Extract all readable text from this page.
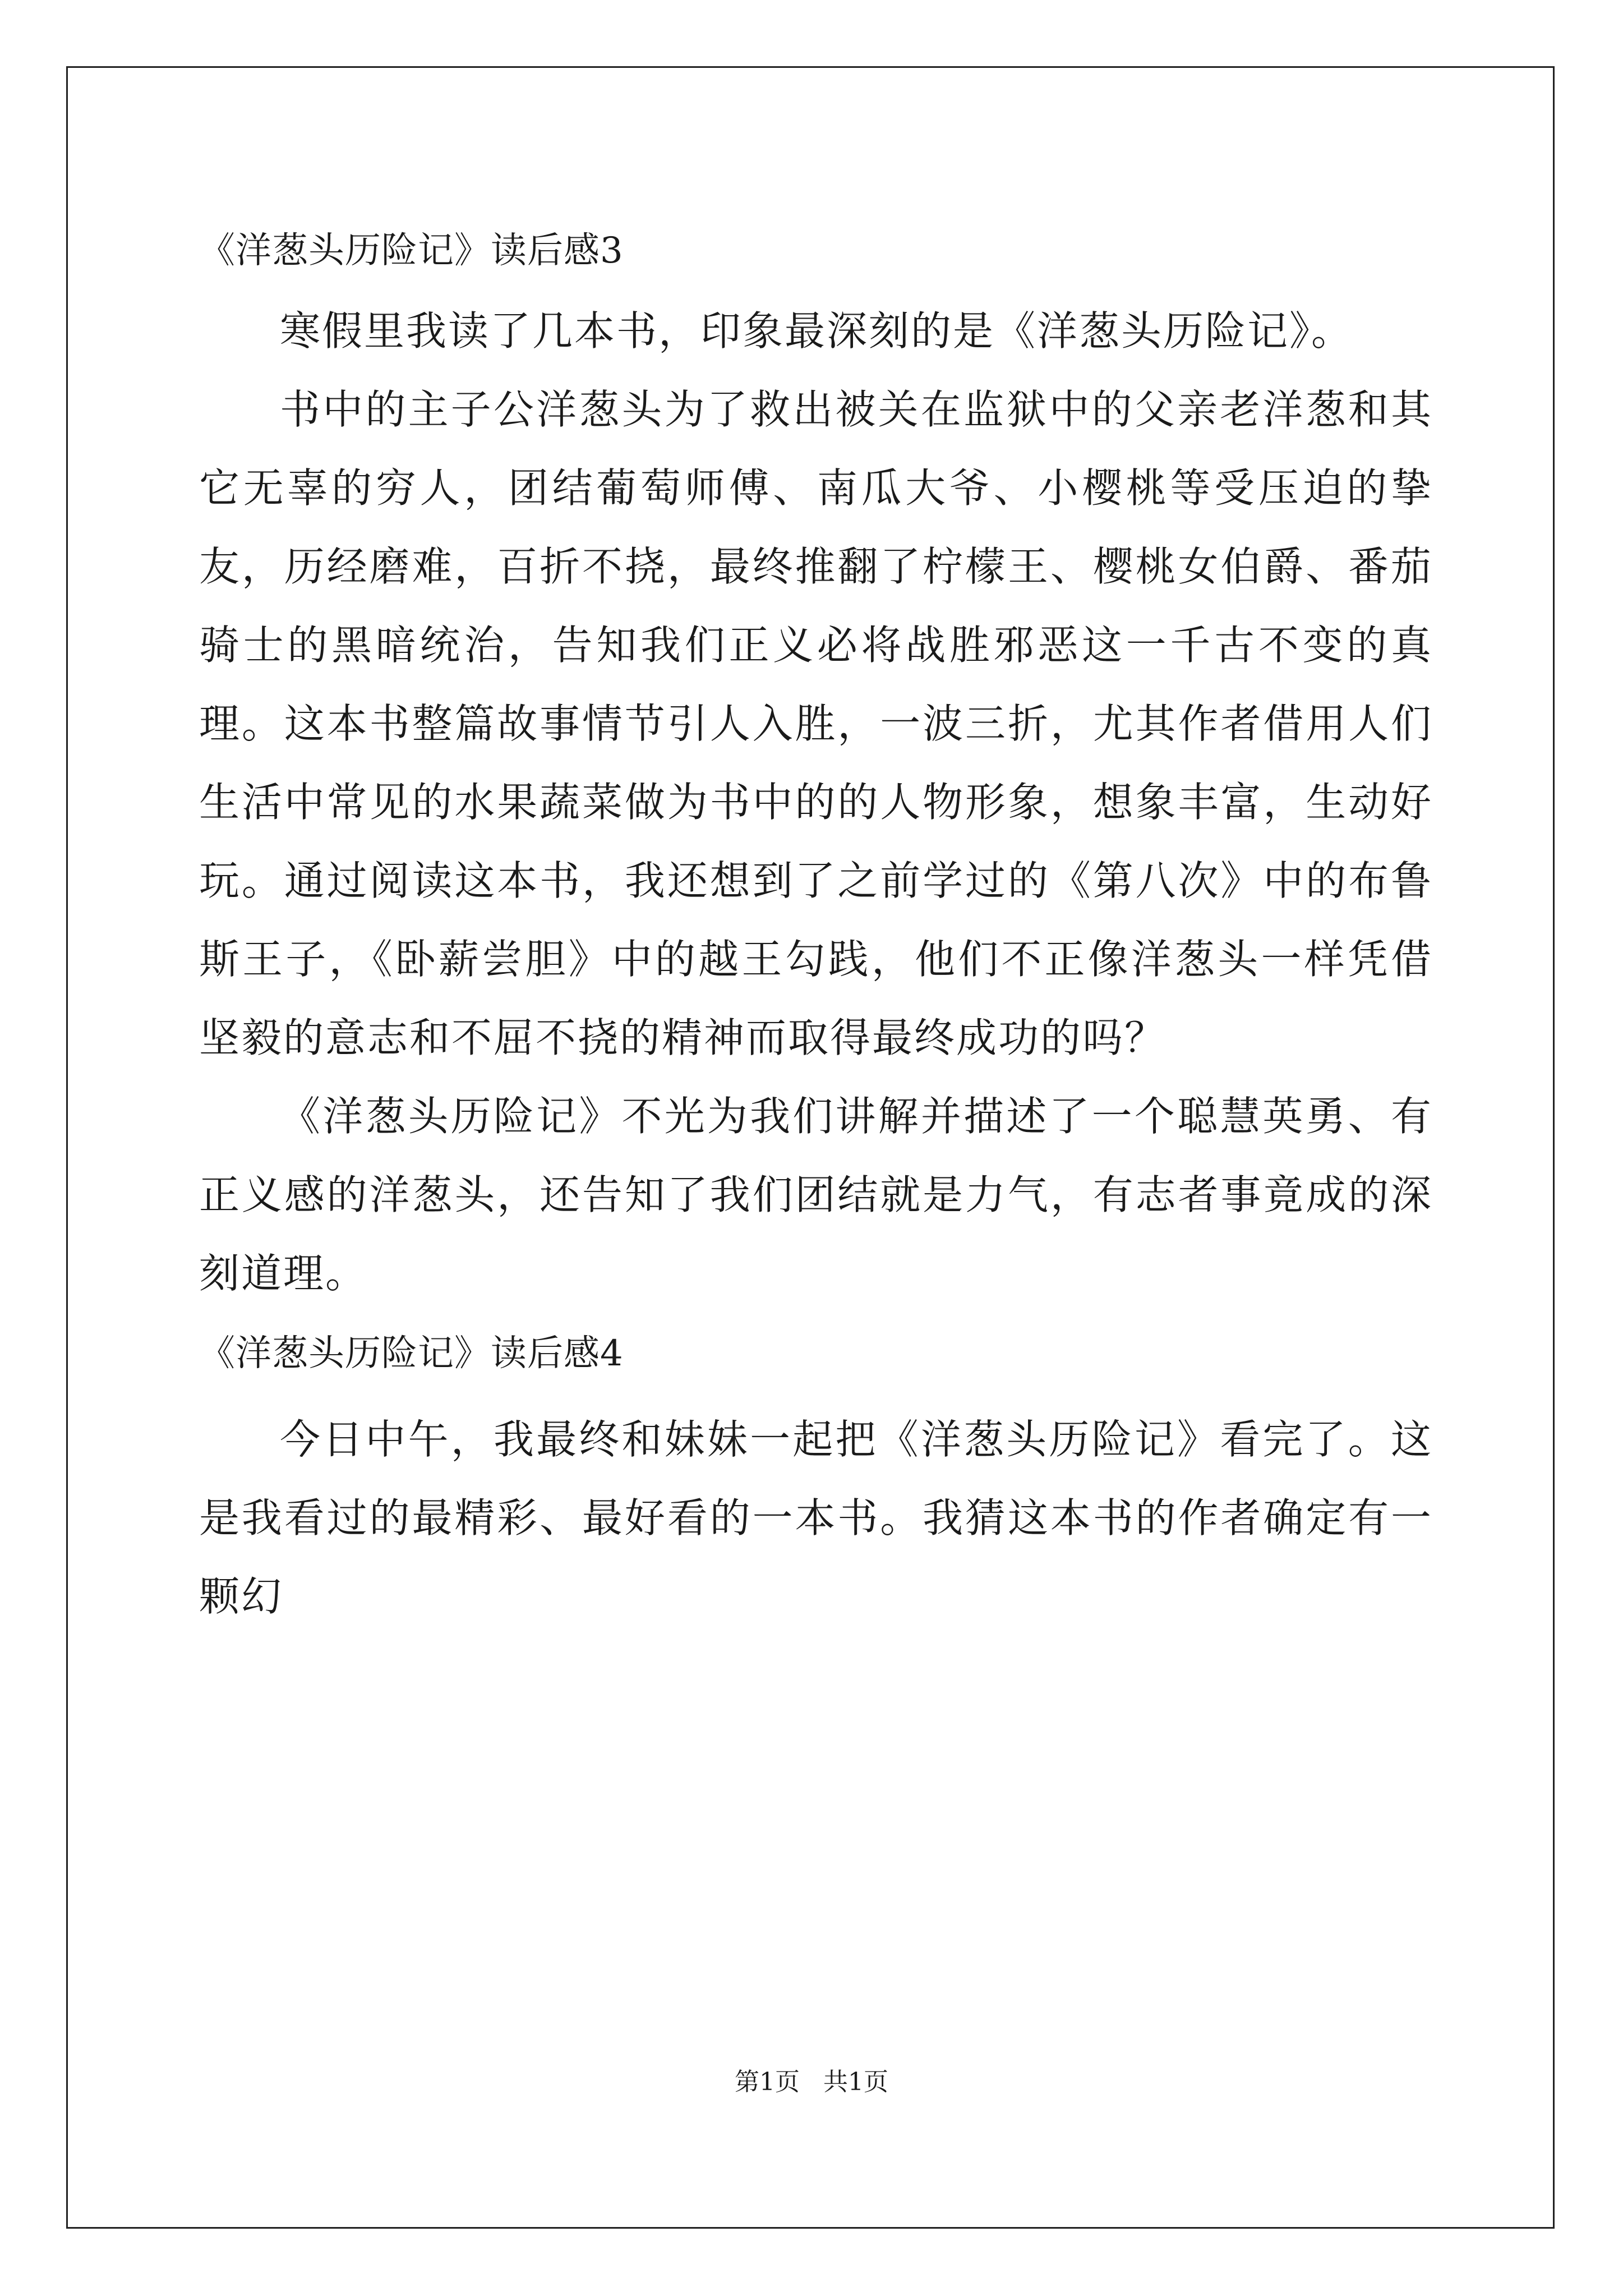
《洋葱头历险记》读后感3

寒假里我读了几本书，印象最深刻的是《洋葱头历险记》。

书中的主子公洋葱头为了救出被关在监狱中的父亲老洋葱和其它无辜的穷人，团结葡萄师傅、南瓜大爷、小樱桃等受压迫的挚友，历经磨难，百折不挠，最终推翻了柠檬王、樱桃女伯爵、番茄骑士的黑暗统治，告知我们正义必将战胜邪恶这一千古不变的真理。这本书整篇故事情节引人入胜，一波三折，尤其作者借用人们生活中常见的水果蔬菜做为书中的的人物形象，想象丰富，生动好玩。通过阅读这本书，我还想到了之前学过的《第八次》中的布鲁斯王子，《卧薪尝胆》中的越王勾践，他们不正像洋葱头一样凭借坚毅的意志和不屈不挠的精神而取得最终成功的吗？

《洋葱头历险记》不光为我们讲解并描述了一个聪慧英勇、有正义感的洋葱头，还告知了我们团结就是力气，有志者事竟成的深刻道理。

《洋葱头历险记》读后感4

今日中午，我最终和妹妹一起把《洋葱头历险记》看完了。这是我看过的最精彩、最好看的一本书。我猜这本书的作者确定有一颗幻

第1页   共1页
